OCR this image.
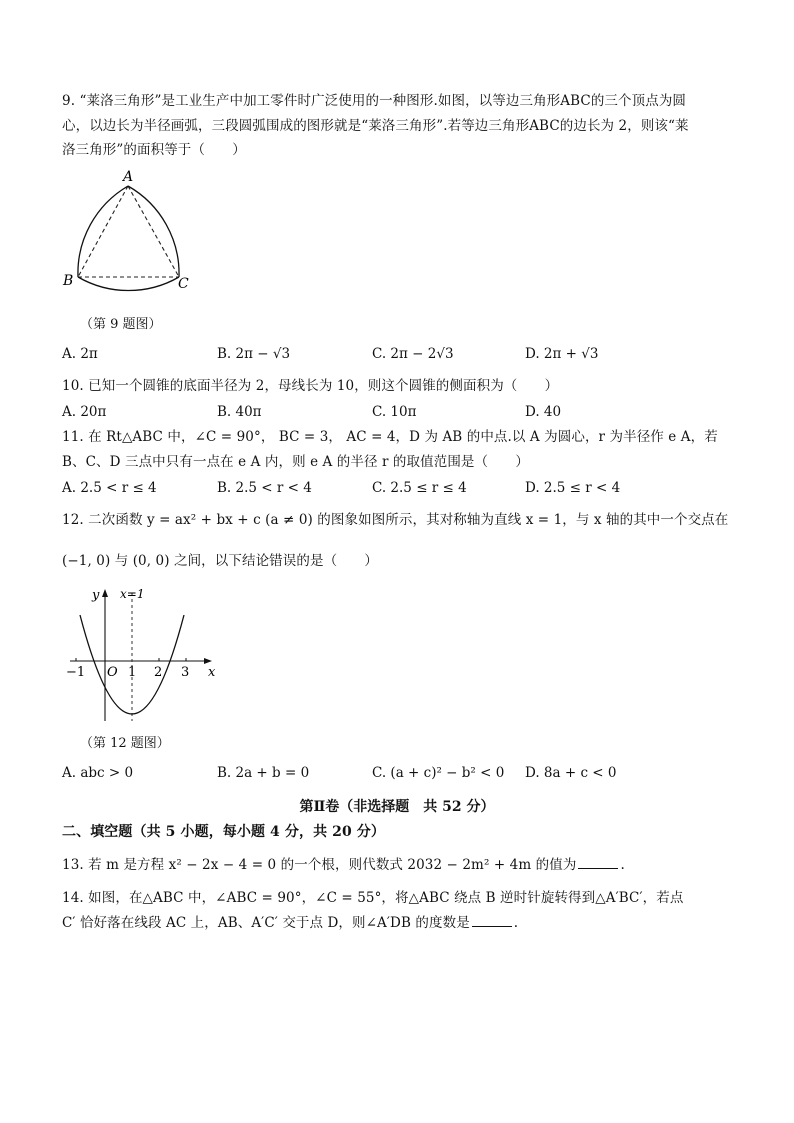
9. “莱洛三角形”是工业生产中加工零件时广泛使用的一种图形.如图，以等边三角形ABC的三个顶点为圆
心，以边长为半径画弧，三段圆弧围成的图形就是“莱洛三角形”.若等边三角形ABC的边长为 2，则该“莱
洛三角形”的面积等于（　　）
A
B	C
（第 9 题图）
A. 2π	B. 2π − √3	C. 2π − 2√3	D. 2π + √3
10. 已知一个圆锥的底面半径为 2，母线长为 10，则这个圆锥的侧面积为（　　）
A. 20π	B. 40π	C. 10π	D. 40
11. 在 Rt△ABC 中，∠C = 90°， BC = 3， AC = 4，D 为 AB 的中点.以 A 为圆心，r 为半径作 e A，若
B、C、D 三点中只有一点在 e A 内，则 e A 的半径 r 的取值范围是（　　）
A. 2.5 < r ≤ 4	B. 2.5 < r < 4	C. 2.5 ≤ r ≤ 4	D. 2.5 ≤ r < 4
12. 二次函数 y = ax² + bx + c (a ≠ 0) 的图象如图所示，其对称轴为直线 x = 1，与 x 轴的其中一个交点在
(−1, 0) 与 (0, 0) 之间，以下结论错误的是（　　）
y x=1
x
O
−1	1 2 3
（第 12 题图）
A. abc > 0	B. 2a + b = 0	C. (a + c)² − b² < 0 D. 8a + c < 0
第Ⅱ卷（非选择题　共 52 分）
二、填空题（共 5 小题，每小题 4 分，共 20 分）
13. 若 m 是方程 x² − 2x − 4 = 0 的一个根，则代数式 2032 − 2m² + 4m 的值为	.
14. 如图，在△ABC 中，∠ABC = 90°，∠C = 55°，将△ABC 绕点 B 逆时针旋转得到△A′BC′，若点
C′ 恰好落在线段 AC 上，AB、A′C′ 交于点 D，则∠A′DB 的度数是	.
